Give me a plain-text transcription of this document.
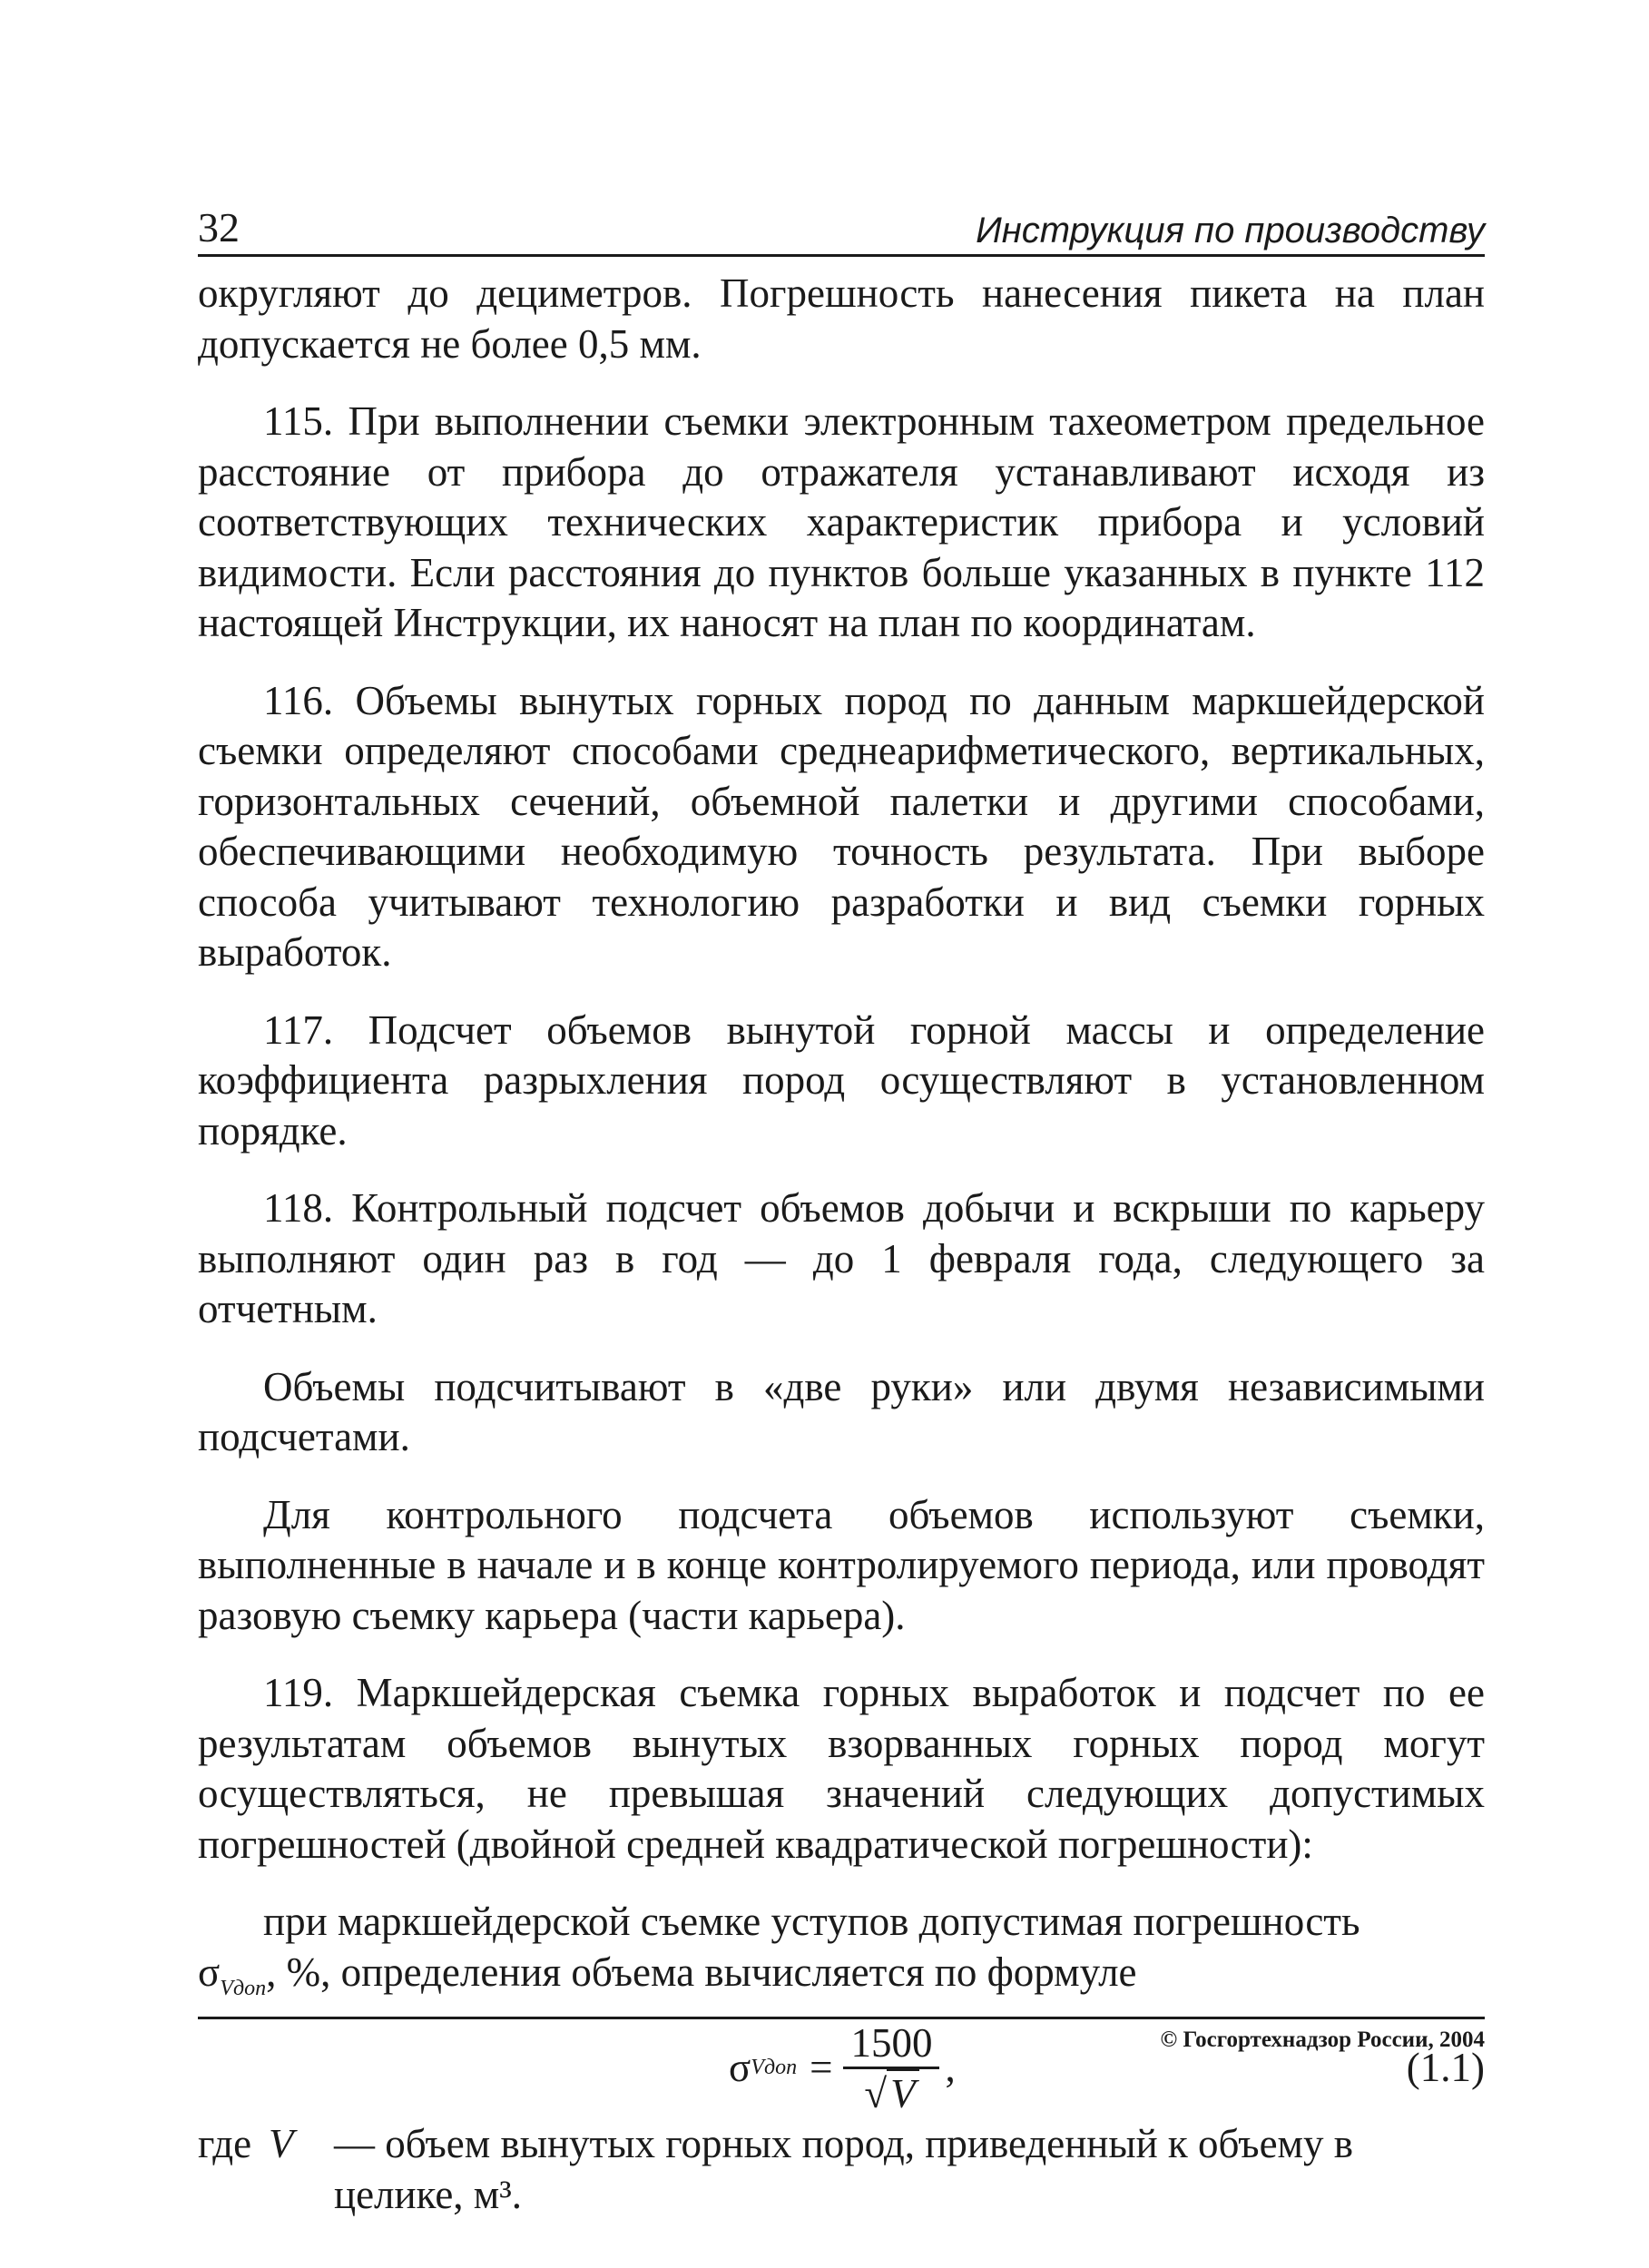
32	Инструкция по производству

округляют до дециметров. Погрешность нанесения пикета на план допускается не более 0,5 мм.

115. При выполнении съемки электронным тахеометром предельное расстояние от прибора до отражателя устанавливают исходя из соответствующих технических характеристик прибора и условий видимости. Если расстояния до пунктов больше указанных в пункте 112 настоящей Инструкции, их наносят на план по координатам.

116. Объемы вынутых горных пород по данным маркшейдерской съемки определяют способами среднеарифметического, вертикальных, горизонтальных сечений, объемной палетки и другими способами, обеспечивающими необходимую точность результата. При выборе способа учитывают технологию разработки и вид съемки горных выработок.

117. Подсчет объемов вынутой горной массы и определение коэффициента разрыхления пород осуществляют в установленном порядке.

118. Контрольный подсчет объемов добычи и вскрыши по карьеру выполняют один раз в год — до 1 февраля года, следующего за отчетным.

Объемы подсчитывают в «две руки» или двумя независимыми подсчетами.

Для контрольного подсчета объемов используют съемки, выполненные в начале и в конце контролируемого периода, или проводят разовую съемку карьера (части карьера).

119. Маркшейдерская съемка горных выработок и подсчет по ее результатам объемов вынутых взорванных горных пород могут осуществляться, не превышая значений следующих допустимых погрешностей (двойной средней квадратической погрешности):

при маркшейдерской съемке уступов допустимая погрешность
$\sigma_{Vдоп}$, %, определения объема вычисляется по формуле

σ Vдоп = $\frac{1500}{√V}$ ,	(1.1)
где V — объем вынутых горных пород, приведенный к объему в целике, м³.
© Госгортехнадзор России, 2004
